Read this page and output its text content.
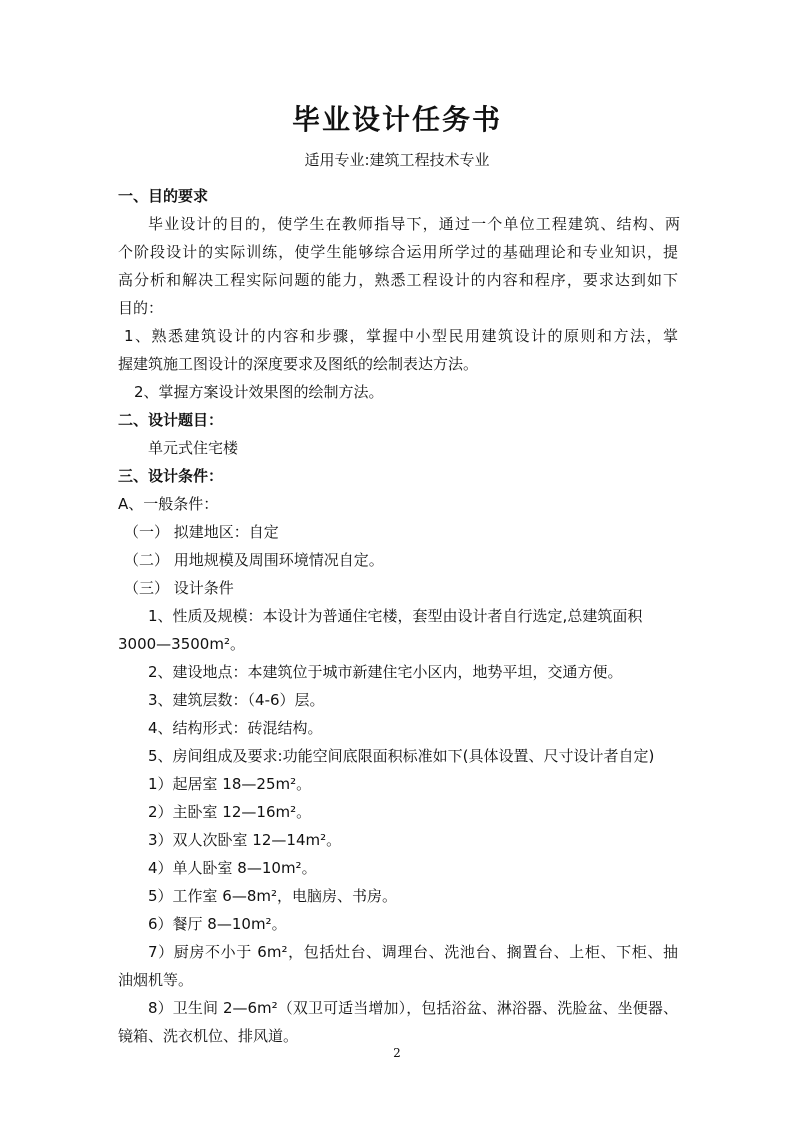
毕业设计任务书
适用专业:建筑工程技术专业
一、目的要求
毕业设计的目的，使学生在教师指导下，通过一个单位工程建筑、结构、两
个阶段设计的实际训练，使学生能够综合运用所学过的基础理论和专业知识，提
高分析和解决工程实际问题的能力，熟悉工程设计的内容和程序，要求达到如下
目的：
1、熟悉建筑设计的内容和步骤，掌握中小型民用建筑设计的原则和方法，掌
握建筑施工图设计的深度要求及图纸的绘制表达方法。
2、掌握方案设计效果图的绘制方法。
二、设计题目：
单元式住宅楼
三、设计条件：
A、一般条件：
（一） 拟建地区：自定
（二） 用地规模及周围环境情况自定。
（三） 设计条件
1、性质及规模：本设计为普通住宅楼，套型由设计者自行选定,总建筑面积
3000—3500m²。
2、建设地点：本建筑位于城市新建住宅小区内，地势平坦，交通方便。
3、建筑层数：（4-6）层。
4、结构形式：砖混结构。
5、房间组成及要求:功能空间底限面积标准如下(具体设置、尺寸设计者自定)
1）起居室 18—25m²。
2）主卧室 12—16m²。
3）双人次卧室 12—14m²。
4）单人卧室 8—10m²。
5）工作室 6—8m²，电脑房、书房。
6）餐厅 8—10m²。
7）厨房不小于 6m²，包括灶台、调理台、洗池台、搁置台、上柜、下柜、抽
油烟机等。
8）卫生间 2—6m²（双卫可适当增加），包括浴盆、淋浴器、洗脸盆、坐便器、
镜箱、洗衣机位、排风道。
2
